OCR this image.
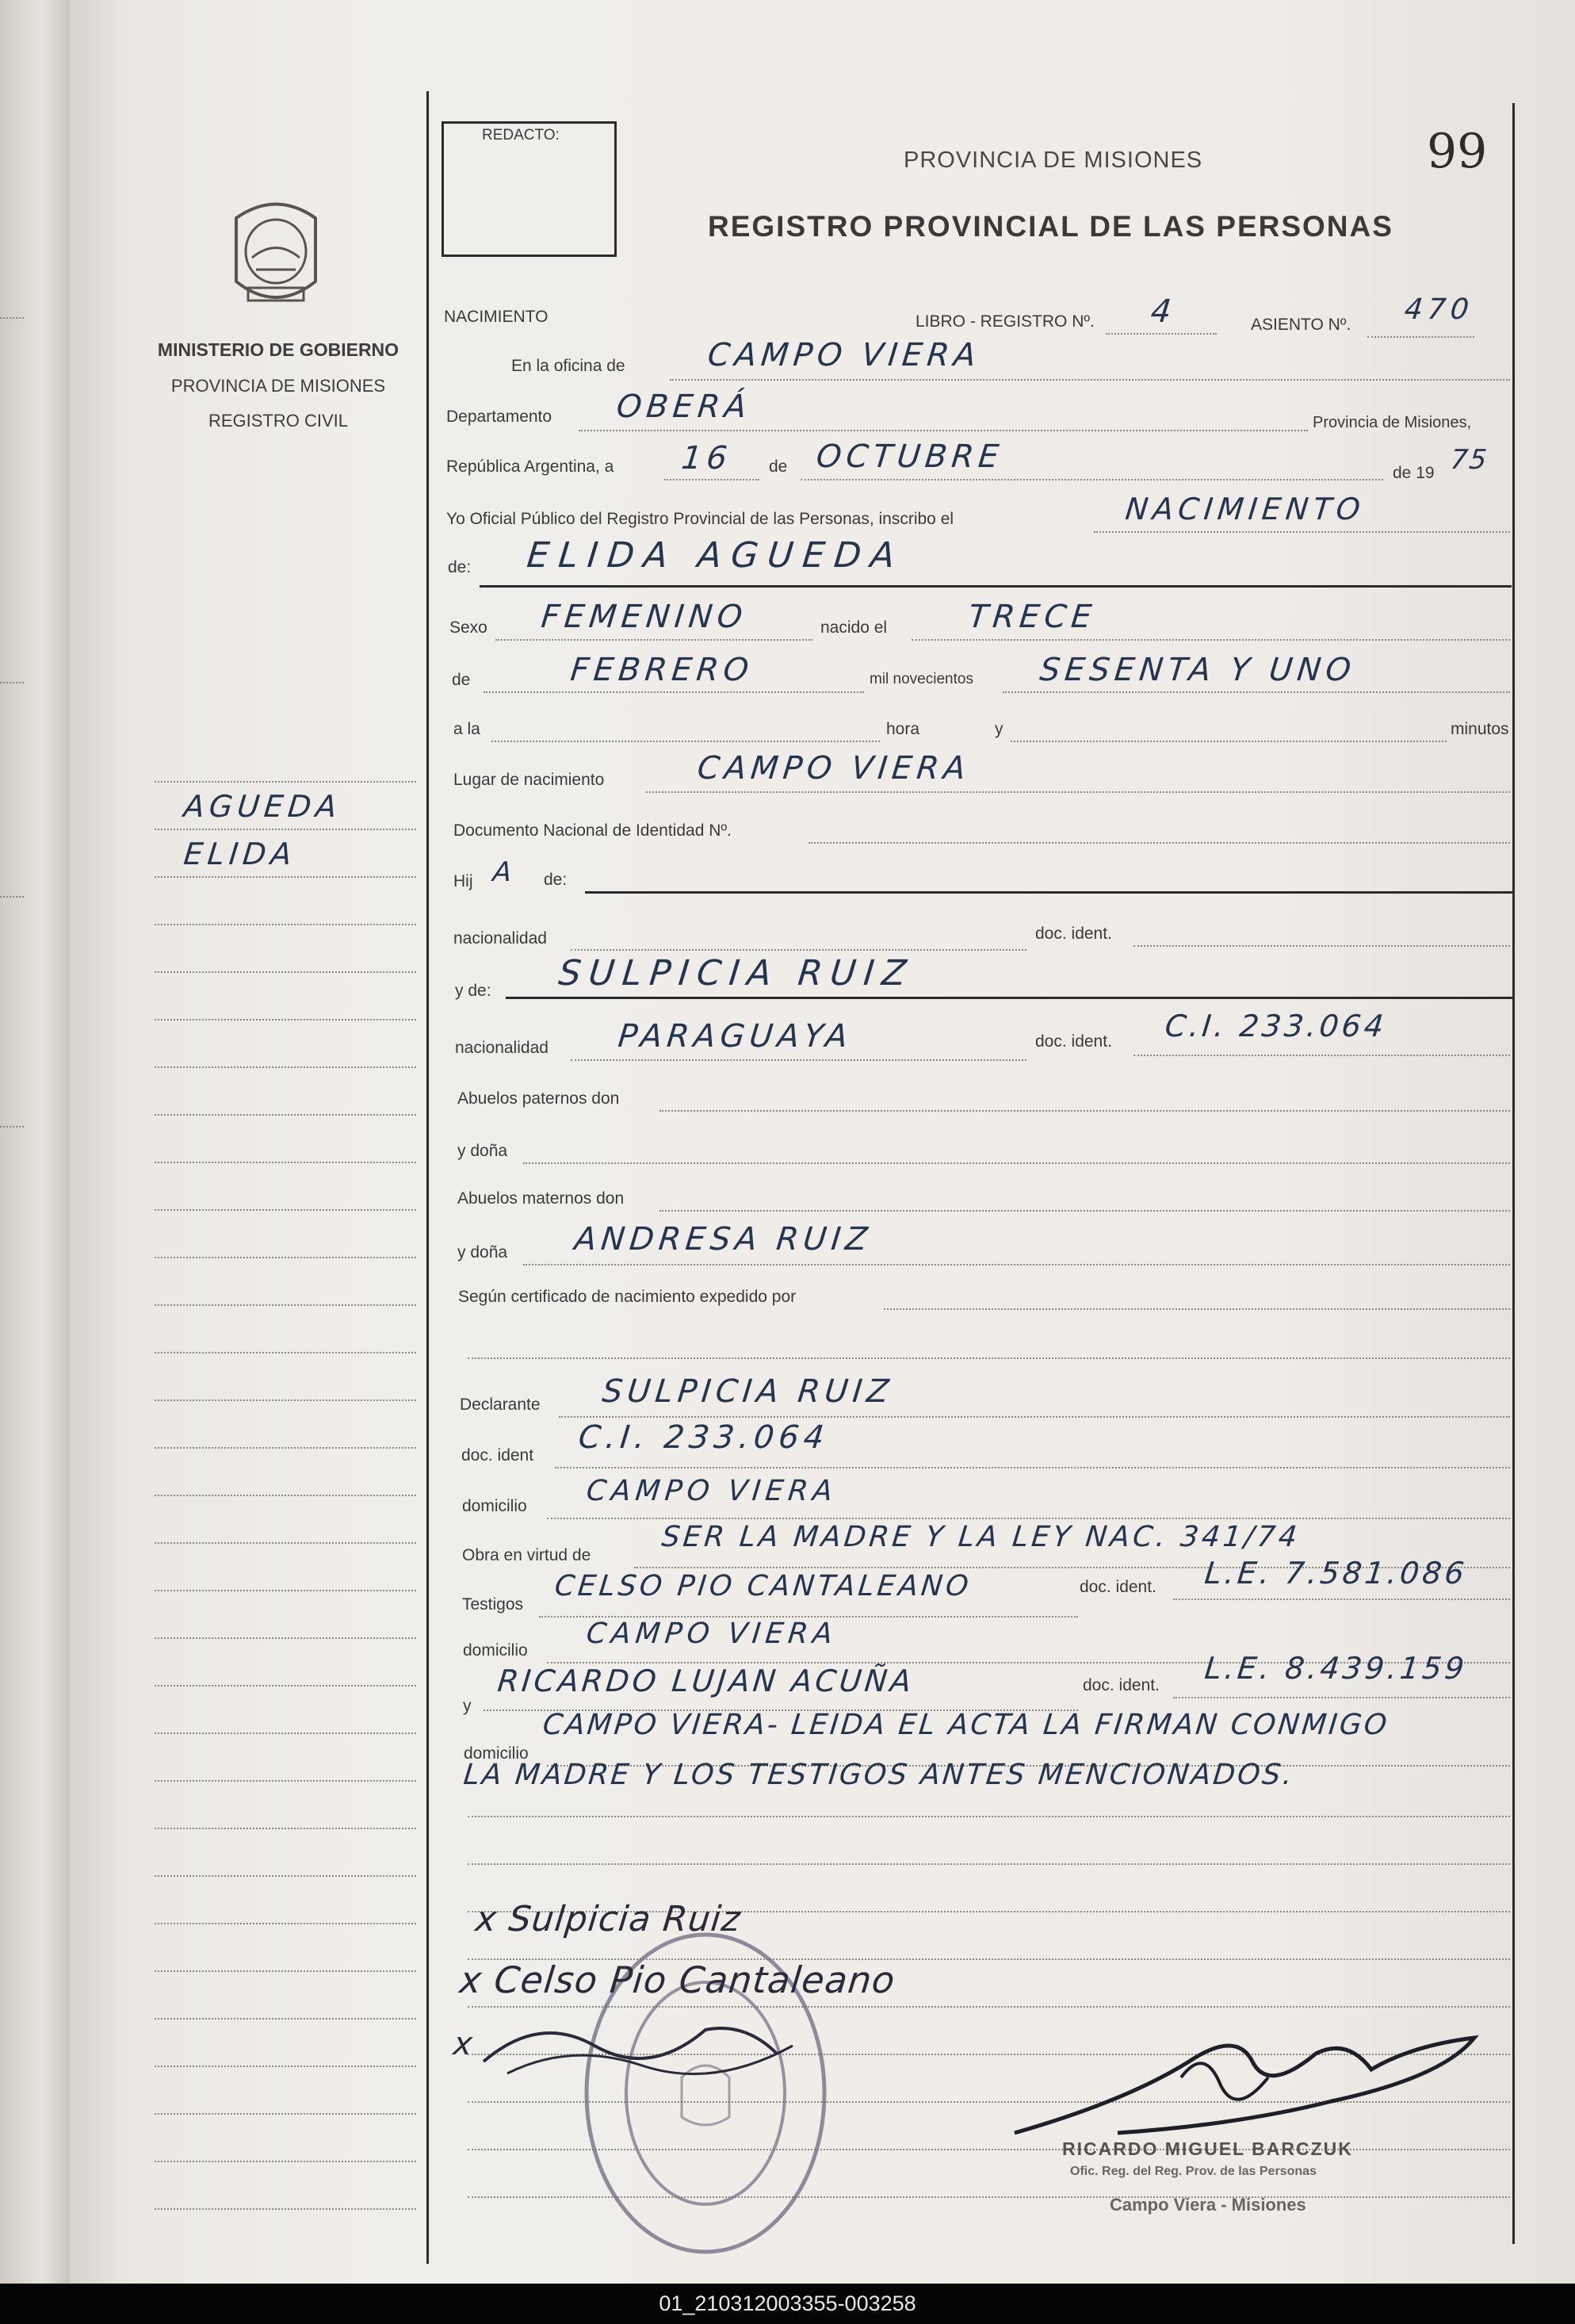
MINISTERIO DE GOBIERNO
PROVINCIA DE MISIONES
REGISTRO CIVIL
AGUEDA
ELIDA
REDACTO:
PROVINCIA DE MISIONES	99
REGISTRO PROVINCIAL DE LAS PERSONAS
NACIMIENTO	LIBRO - REGISTRO Nº. 4	ASIENTO Nº. 470
En la oficina de	CAMPO VIERA
Departamento OBERÁ	Provincia de Misiones,
República Argentina, a 16 de OCTUBRE	de 19 75
Yo Oficial Público del Registro Provincial de las Personas, inscribo el	NACIMIENTO
de: ELIDA AGUEDA
Sexo FEMENINO	nacido el	TRECE
de	FEBRERO	mil novecientos SESENTA Y UNO
a la	hora	y	minutos
Lugar de nacimiento	CAMPO VIERA
Documento Nacional de Identidad Nº.
Hij A de:
nacionalidad	doc. ident.
y de: SULPICIA RUIZ
nacionalidad PARAGUAYA	doc. ident. C.I. 233.064
Abuelos paternos don
y doña
Abuelos maternos don
y doña ANDRESA RUIZ
Según certificado de nacimiento expedido por
Declarante SULPICIA RUIZ
doc. ident C.I. 233.064
domicilio CAMPO VIERA
Obra en virtud de
SER LA MADRE Y LA LEY NAC. 341/74
Testigos
CELSO PIO CANTALEANO	doc. ident. L.E. 7.581.086
domicilio
CAMPO VIERA
y
RICARDO LUJAN ACUÑA	doc. ident. L.E. 8.439.159
domicilio
CAMPO VIERA- LEIDA EL ACTA LA FIRMAN CONMIGO
LA MADRE Y LOS TESTIGOS ANTES MENCIONADOS.
x Sulpicia Ruiz
x Celso Pio Cantaleano
x
RICARDO MIGUEL BARCZUK
Ofic. Reg. del Reg. Prov. de las Personas
Campo Viera - Misiones
01_210312003355-003258
